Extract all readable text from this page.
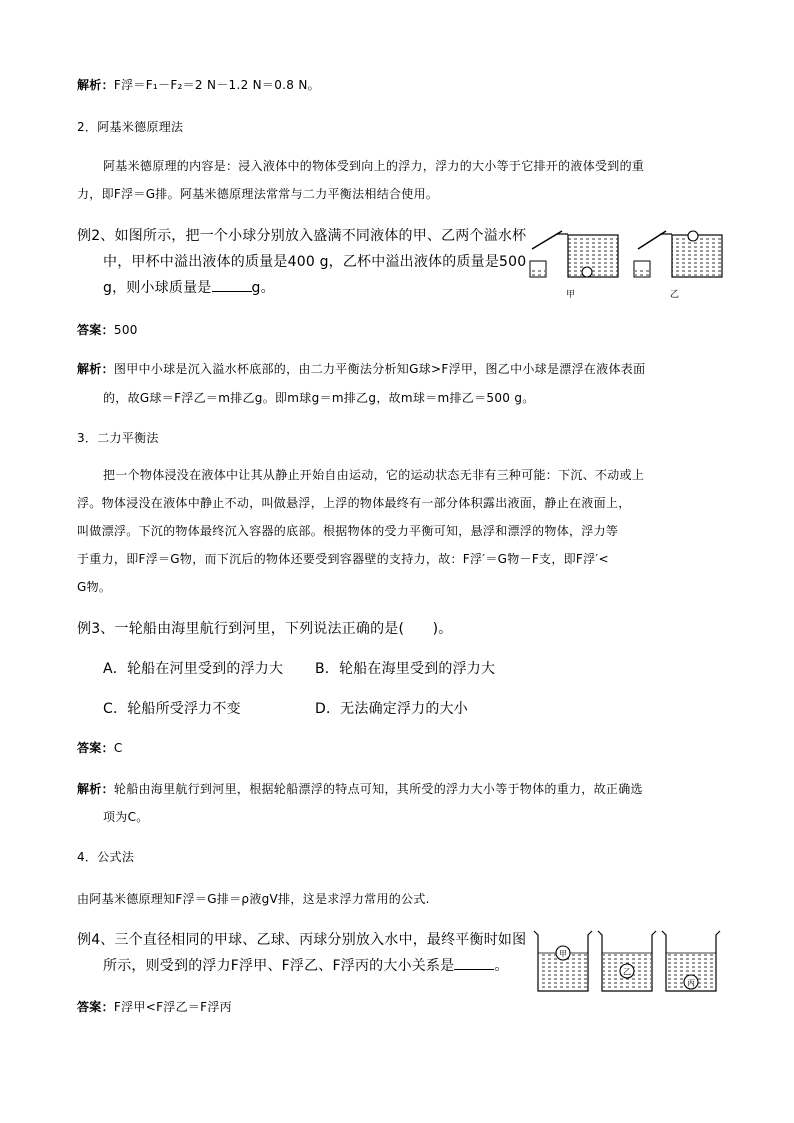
解析：F浮＝F₁－F₂＝2 N－1.2 N＝0.8 N。
2．阿基米德原理法
阿基米德原理的内容是：浸入液体中的物体受到向上的浮力，浮力的大小等于它排开的液体受到的重
力，即F浮＝G排。阿基米德原理法常常与二力平衡法相结合使用。
例2、如图所示，把一个小球分别放入盛满不同液体的甲、乙两个溢水杯
中，甲杯中溢出液体的质量是400 g，乙杯中溢出液体的质量是500
g，则小球质量是	g。	甲	乙
答案：500
解析：图甲中小球是沉入溢水杯底部的，由二力平衡法分析知G球>F浮甲，图乙中小球是漂浮在液体表面
的，故G球＝F浮乙＝m排乙g。即m球g＝m排乙g，故m球＝m排乙＝500 g。
3．二力平衡法
把一个物体浸没在液体中让其从静止开始自由运动，它的运动状态无非有三种可能：下沉、不动或上
浮。物体浸没在液体中静止不动，叫做悬浮，上浮的物体最终有一部分体积露出液面，静止在液面上，
叫做漂浮。下沉的物体最终沉入容器的底部。根据物体的受力平衡可知，悬浮和漂浮的物体，浮力等
于重力，即F浮＝G物，而下沉后的物体还要受到容器壁的支持力，故：F浮′＝G物－F支，即F浮′<
G物。
例3、一轮船由海里航行到河里，下列说法正确的是(　　)。
A．轮船在河里受到的浮力大 B．轮船在海里受到的浮力大
C．轮船所受浮力不变	D．无法确定浮力的大小
答案：C
解析：轮船由海里航行到河里，根据轮船漂浮的特点可知，其所受的浮力大小等于物体的重力，故正确选
项为C。
4．公式法
由阿基米德原理知F浮＝G排＝ρ液gV排，这是求浮力常用的公式.
例4、三个直径相同的甲球、乙球、丙球分别放入水中，最终平衡时如图
所示，则受到的浮力F浮甲、F浮乙、F浮丙的大小关系是	。
甲
乙
丙
答案：F浮甲<F浮乙＝F浮丙
